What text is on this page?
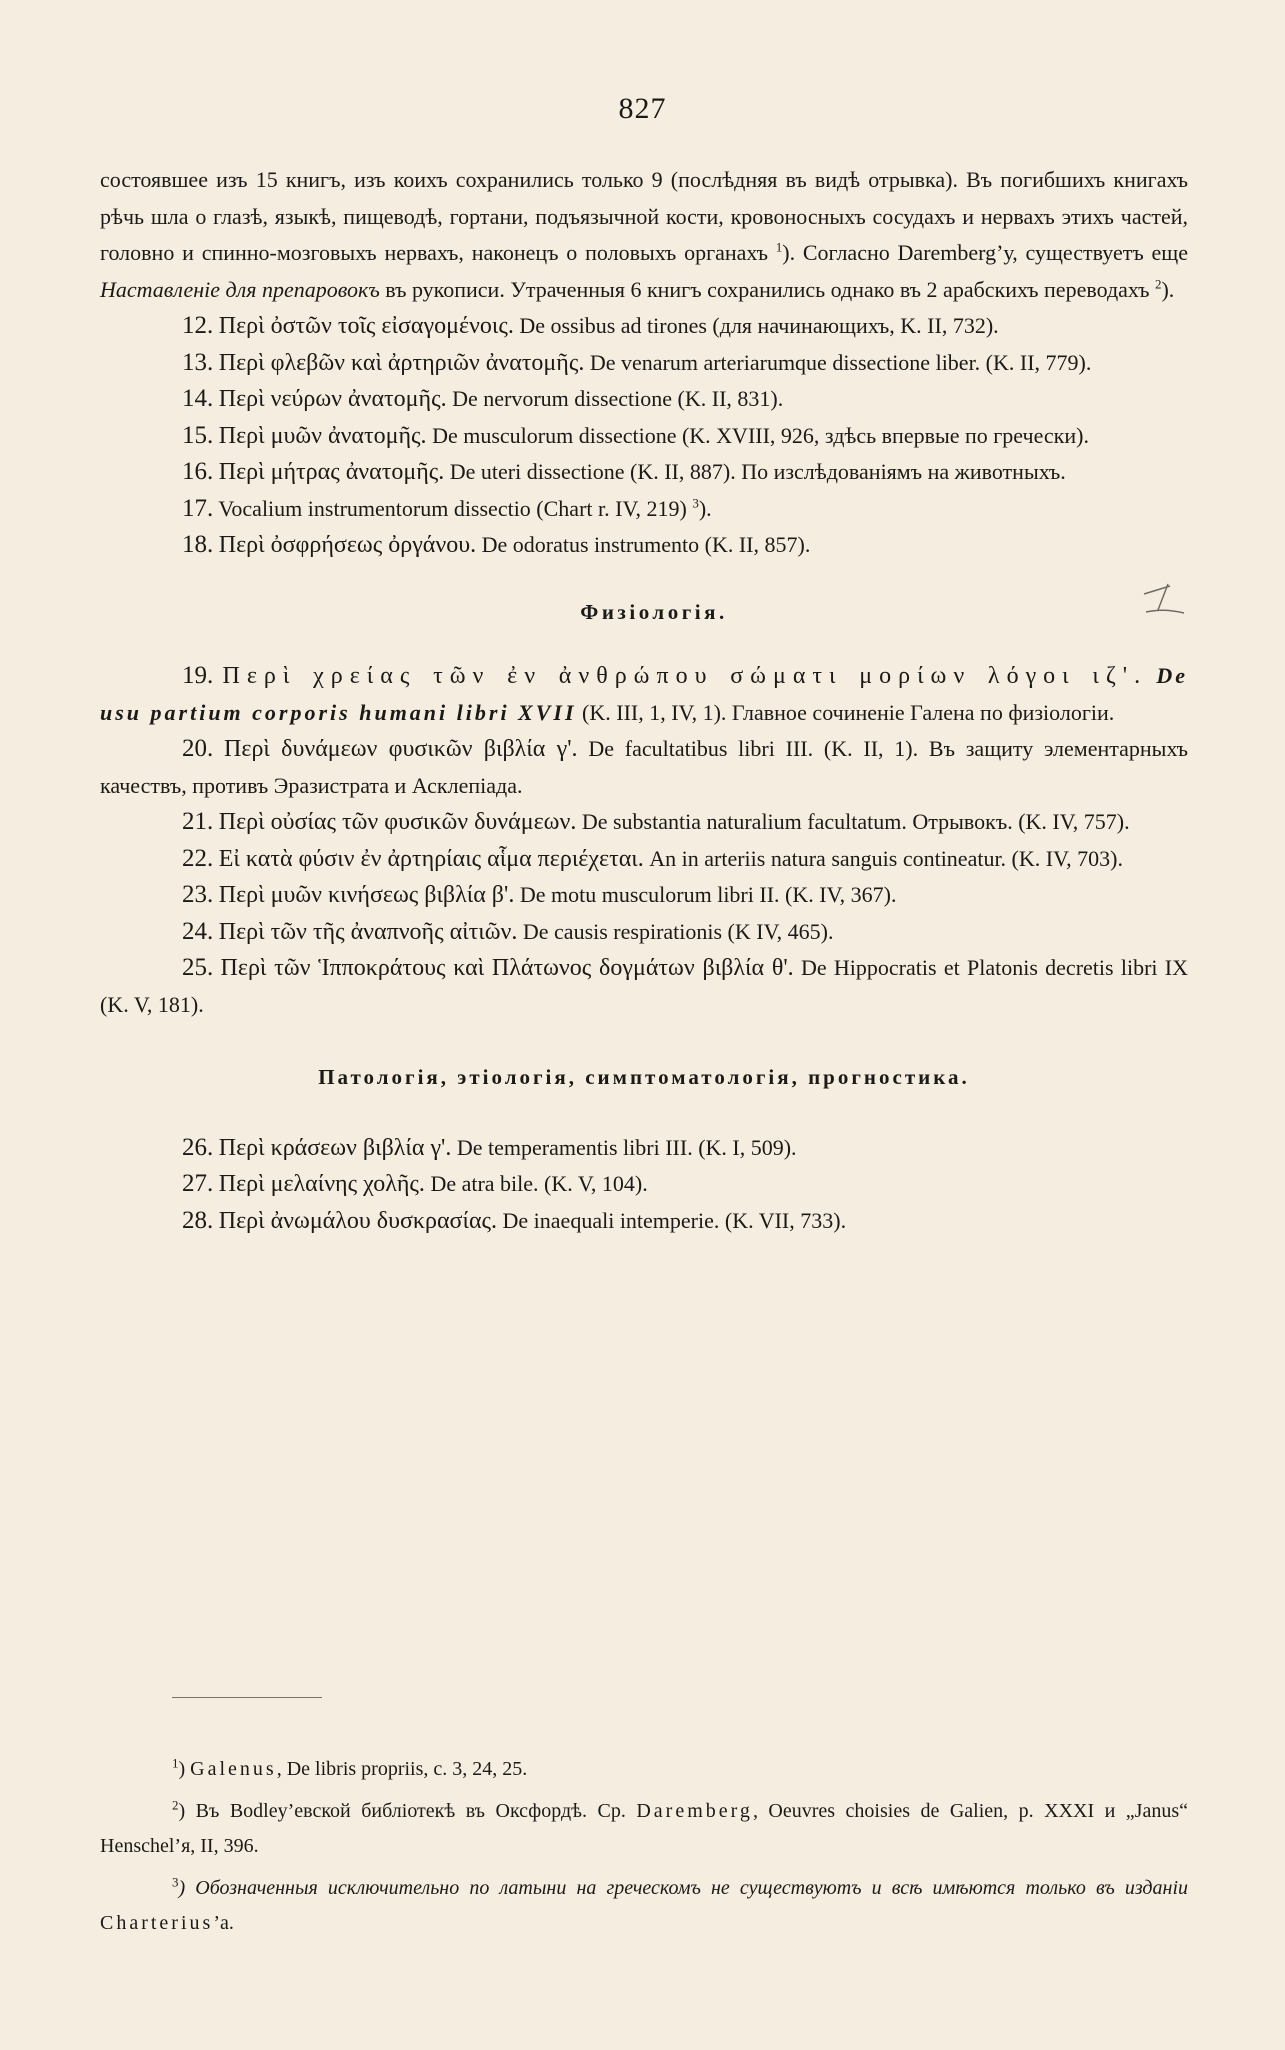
827

состоявшее изъ 15 книгъ, изъ коихъ сохранились только 9 (послѣдняя въ видѣ отрывка). Въ погибшихъ книгахъ рѣчь шла о глазѣ, языкѣ, пищеводѣ, гортани, подъязычной кости, кровоносныхъ сосудахъ и нервахъ этихъ частей, головно и спинно-мозговыхъ нервахъ, наконецъ о половыхъ органахъ $^1$). Согласно Daremberg’у, существуетъ еще Наставленіе для препаровокъ въ рукописи. Утраченныя 6 книгъ сохранились однако въ 2 арабскихъ переводахъ $^2$).

12. Περὶ ὀστῶν τοῖς εἰσαγομένοις. De ossibus ad tirones (для начинающихъ, K. II, 732).

13. Περὶ φλεβῶν καὶ ἀρτηριῶν ἀνατομῆς. De venarum arteriarumque dissectione liber. (K. II, 779).

14. Περὶ νεύρων ἀνατομῆς. De nervorum dissectione (K. II, 831).

15. Περὶ μυῶν ἀνατομῆς. De musculorum dissectione (K. XVIII, 926, здѣсь впервые по гречески).

16. Περὶ μήτρας ἀνατομῆς. De uteri dissectione (K. II, 887). По изслѣдованіямъ на животныхъ.

17. Vocalium instrumentorum dissectio (Chart r. IV, 219) $^3$).

18. Περὶ ὀσφρήσεως ὀργάνου. De odoratus instrumento (K. II, 857).

Физіологія.

19. Περὶ χρείας τῶν ἐν ἀνθρώπου σώματι μορίων λόγοι ιζ'. De usu partium corporis humani libri XVII (K. III, 1, IV, 1). Главное сочиненіе Галена по физіологіи.

20. Περὶ δυνάμεων φυσικῶν βιβλία γ'. De facultatibus libri III. (K. II, 1). Въ защиту элементарныхъ качествъ, противъ Эразистрата и Асклепіада.

21. Περὶ οὐσίας τῶν φυσικῶν δυνάμεων. De substantia naturalium facultatum. Отрывокъ. (K. IV, 757).

22. Εἰ κατὰ φύσιν ἐν ἀρτηρίαις αἷμα περιέχεται. An in arteriis natura sanguis contineatur. (K. IV, 703).

23. Περὶ μυῶν κινήσεως βιβλία β'. De motu musculorum libri II. (K. IV, 367).

24. Περὶ τῶν τῆς ἀναπνοῆς αἰτιῶν. De causis respirationis (K IV, 465).

25. Περὶ τῶν Ἱπποκράτους καὶ Πλάτωνος δογμάτων βιβλία θ'. De Hippocratis et Platonis decretis libri IX (K. V, 181).

Патологія, этіологія, симптоматологія, прогностика.

26. Περὶ κράσεων βιβλία γ'. De temperamentis libri III. (K. I, 509).

27. Περὶ μελαίνης χολῆς. De atra bile. (K. V, 104).

28. Περὶ ἀνωμάλου δυσκρασίας. De inaequali intemperie. (K. VII, 733).

$^1$) Galenus, De libris propriis, c. 3, 24, 25.

$^2$) Въ Bodley’евской библіотекѣ въ Оксфордѣ. Ср. Daremberg, Oeuvres choisies de Galien, p. XXXI и „Janus“ Henschel’я, II, 396.

$^3$) Обозначенныя исключительно по латыни на греческомъ не существуютъ и всѣ имѣются только въ изданіи Charterius’а.
